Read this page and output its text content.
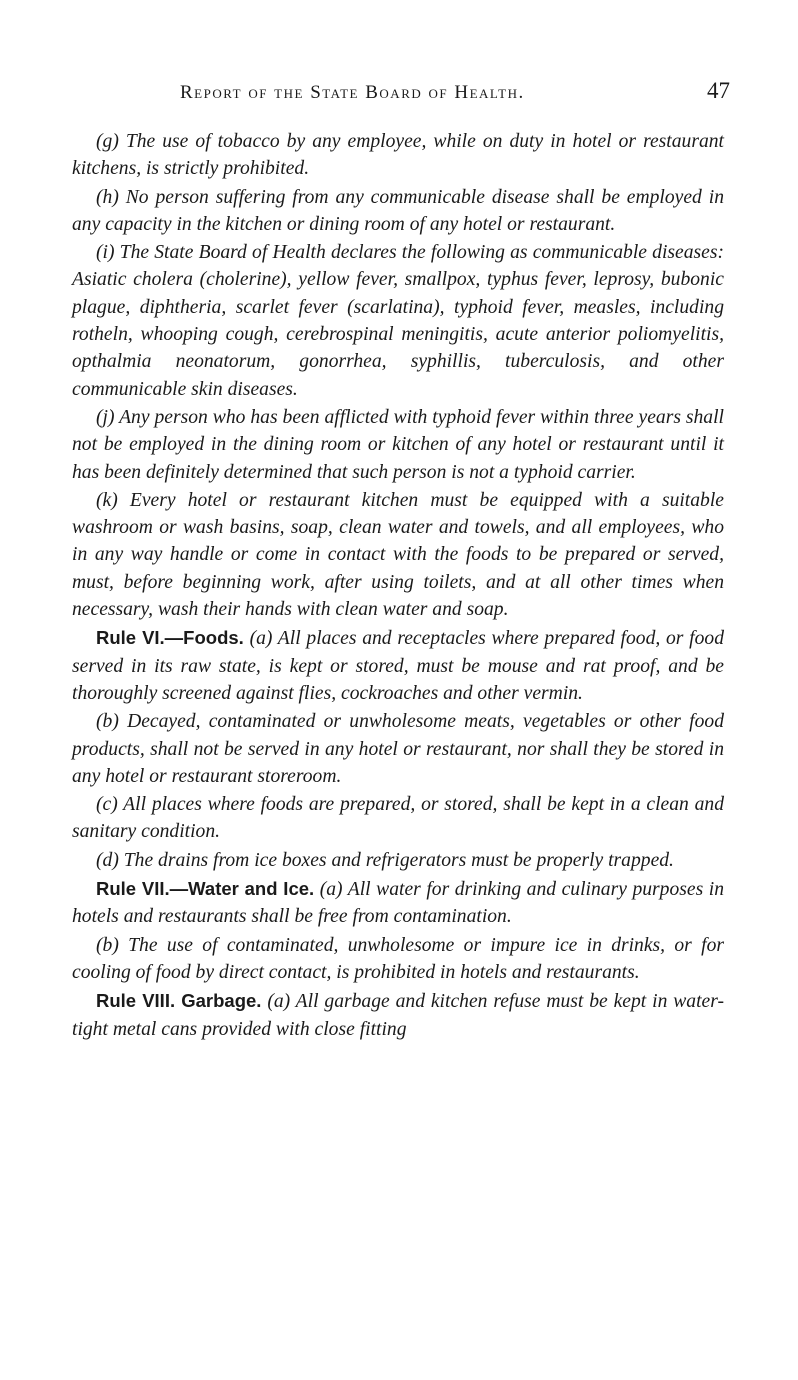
Report of the State Board of Health.	47

(g) The use of tobacco by any employee, while on duty in hotel or restaurant kitchens, is strictly prohibited.

(h) No person suffering from any communicable disease shall be employed in any capacity in the kitchen or dining room of any hotel or restaurant.

(i) The State Board of Health declares the following as communicable diseases: Asiatic cholera (cholerine), yellow fever, smallpox, typhus fever, leprosy, bubonic plague, diphtheria, scarlet fever (scarlatina), typhoid fever, measles, including rotheln, whooping cough, cerebrospinal meningitis, acute anterior poliomyelitis, opthalmia neonatorum, gonorrhea, syphillis, tuberculosis, and other communicable skin diseases.

(j) Any person who has been afflicted with typhoid fever within three years shall not be employed in the dining room or kitchen of any hotel or restaurant until it has been definitely determined that such person is not a typhoid carrier.

(k) Every hotel or restaurant kitchen must be equipped with a suitable washroom or wash basins, soap, clean water and towels, and all employees, who in any way handle or come in contact with the foods to be prepared or served, must, before beginning work, after using toilets, and at all other times when necessary, wash their hands with clean water and soap.

Rule VI.—Foods. (a) All places and receptacles where prepared food, or food served in its raw state, is kept or stored, must be mouse and rat proof, and be thoroughly screened against flies, cockroaches and other vermin.

(b) Decayed, contaminated or unwholesome meats, vegetables or other food products, shall not be served in any hotel or restaurant, nor shall they be stored in any hotel or restaurant storeroom.

(c) All places where foods are prepared, or stored, shall be kept in a clean and sanitary condition.

(d) The drains from ice boxes and refrigerators must be properly trapped.

Rule VII.—Water and Ice. (a) All water for drinking and culinary purposes in hotels and restaurants shall be free from contamination.

(b) The use of contaminated, unwholesome or impure ice in drinks, or for cooling of food by direct contact, is prohibited in hotels and restaurants.

Rule VIII. Garbage. (a) All garbage and kitchen refuse must be kept in water-tight metal cans provided with close fitting
